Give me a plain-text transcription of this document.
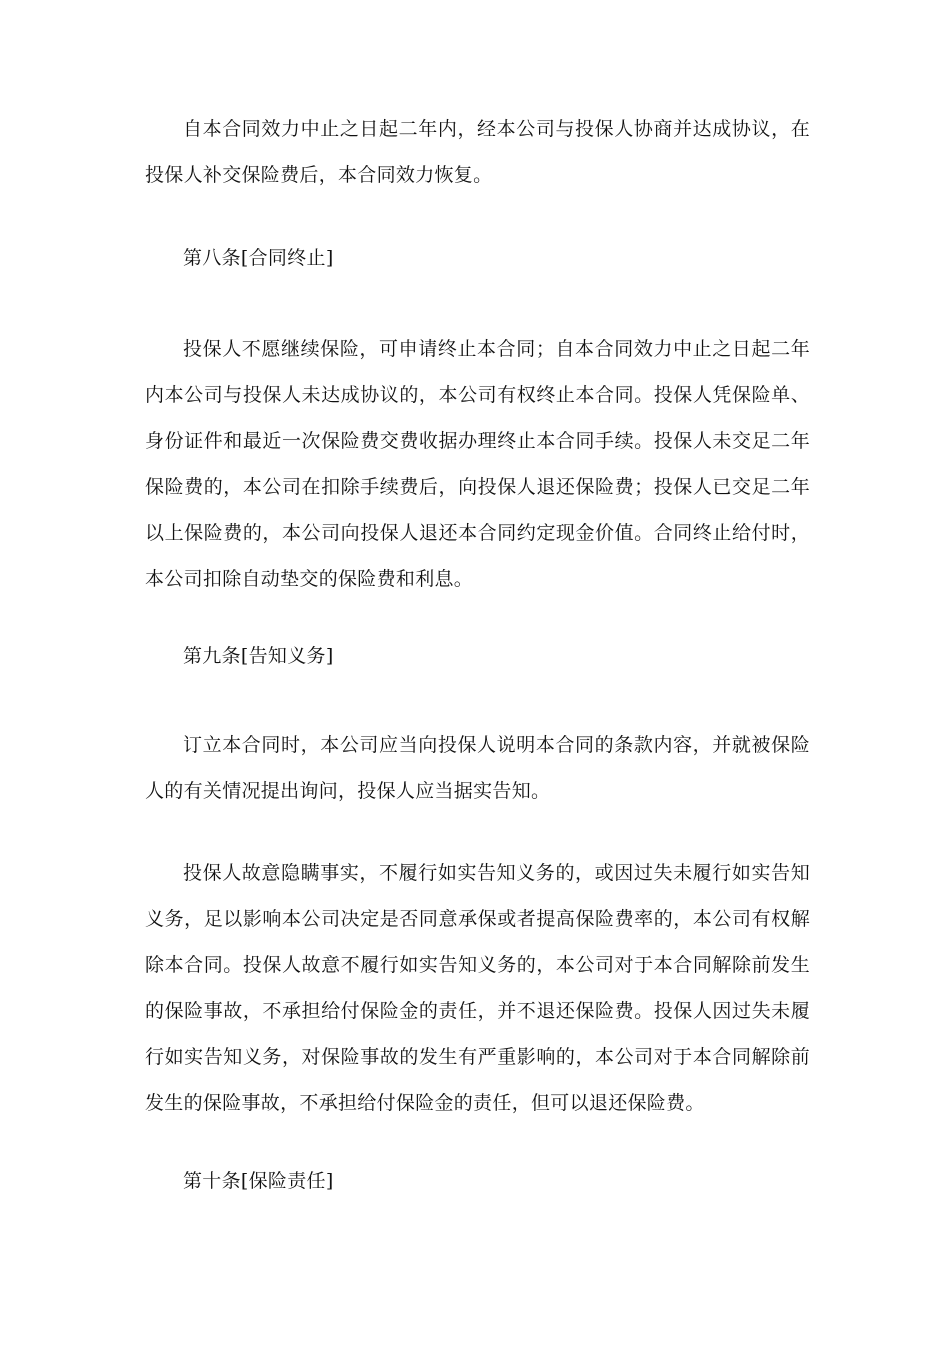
自本合同效力中止之日起二年内，经本公司与投保人协商并达成协议，在投保人补交保险费后，本合同效力恢复。

第八条[合同终止]

投保人不愿继续保险，可申请终止本合同；自本合同效力中止之日起二年内本公司与投保人未达成协议的，本公司有权终止本合同。投保人凭保险单、身份证件和最近一次保险费交费收据办理终止本合同手续。投保人未交足二年保险费的，本公司在扣除手续费后，向投保人退还保险费；投保人已交足二年以上保险费的，本公司向投保人退还本合同约定现金价值。合同终止给付时，本公司扣除自动垫交的保险费和利息。

第九条[告知义务]

订立本合同时，本公司应当向投保人说明本合同的条款内容，并就被保险人的有关情况提出询问，投保人应当据实告知。

投保人故意隐瞒事实，不履行如实告知义务的，或因过失未履行如实告知义务，足以影响本公司决定是否同意承保或者提高保险费率的，本公司有权解除本合同。投保人故意不履行如实告知义务的，本公司对于本合同解除前发生的保险事故，不承担给付保险金的责任，并不退还保险费。投保人因过失未履行如实告知义务，对保险事故的发生有严重影响的，本公司对于本合同解除前发生的保险事故，不承担给付保险金的责任，但可以退还保险费。

第十条[保险责任]
